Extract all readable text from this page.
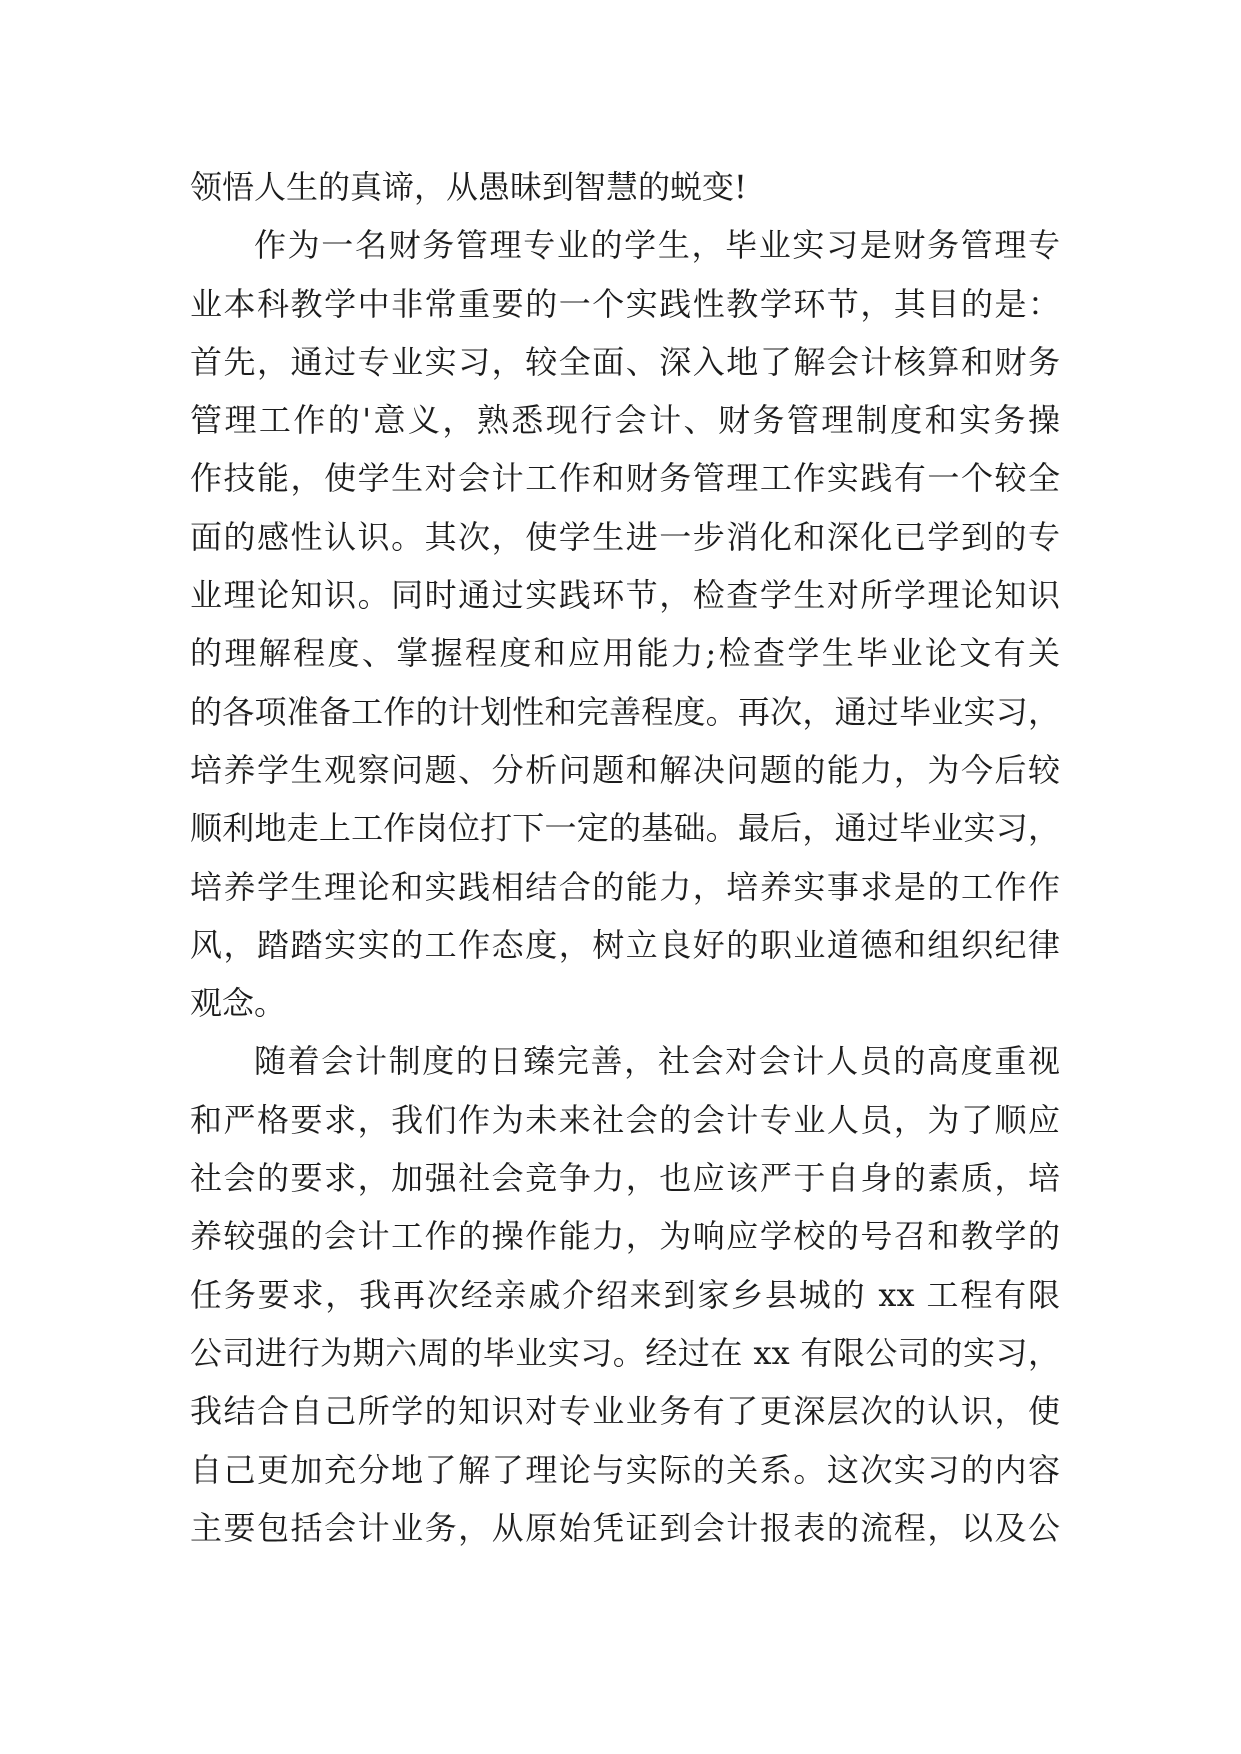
领悟人生的真谛，从愚昧到智慧的蜕变!
作为一名财务管理专业的学生，毕业实习是财务管理专
业本科教学中非常重要的一个实践性教学环节，其目的是：
首先，通过专业实习，较全面、深入地了解会计核算和财务
管理工作的'意义，熟悉现行会计、财务管理制度和实务操
作技能，使学生对会计工作和财务管理工作实践有一个较全
面的感性认识。其次，使学生进一步消化和深化已学到的专
业理论知识。同时通过实践环节，检查学生对所学理论知识
的理解程度、掌握程度和应用能力;检查学生毕业论文有关
的各项准备工作的计划性和完善程度。再次，通过毕业实习，
培养学生观察问题、分析问题和解决问题的能力，为今后较
顺利地走上工作岗位打下一定的基础。最后，通过毕业实习，
培养学生理论和实践相结合的能力，培养实事求是的工作作
风，踏踏实实的工作态度，树立良好的职业道德和组织纪律
观念。
随着会计制度的日臻完善，社会对会计人员的高度重视
和严格要求，我们作为未来社会的会计专业人员，为了顺应
社会的要求，加强社会竞争力，也应该严于自身的素质，培
养较强的会计工作的操作能力，为响应学校的号召和教学的
任务要求，我再次经亲戚介绍来到家乡县城的 xx 工程有限
公司进行为期六周的毕业实习。经过在 xx 有限公司的实习，
我结合自己所学的知识对专业业务有了更深层次的认识，使
自己更加充分地了解了理论与实际的关系。这次实习的内容
主要包括会计业务，从原始凭证到会计报表的流程，以及公
